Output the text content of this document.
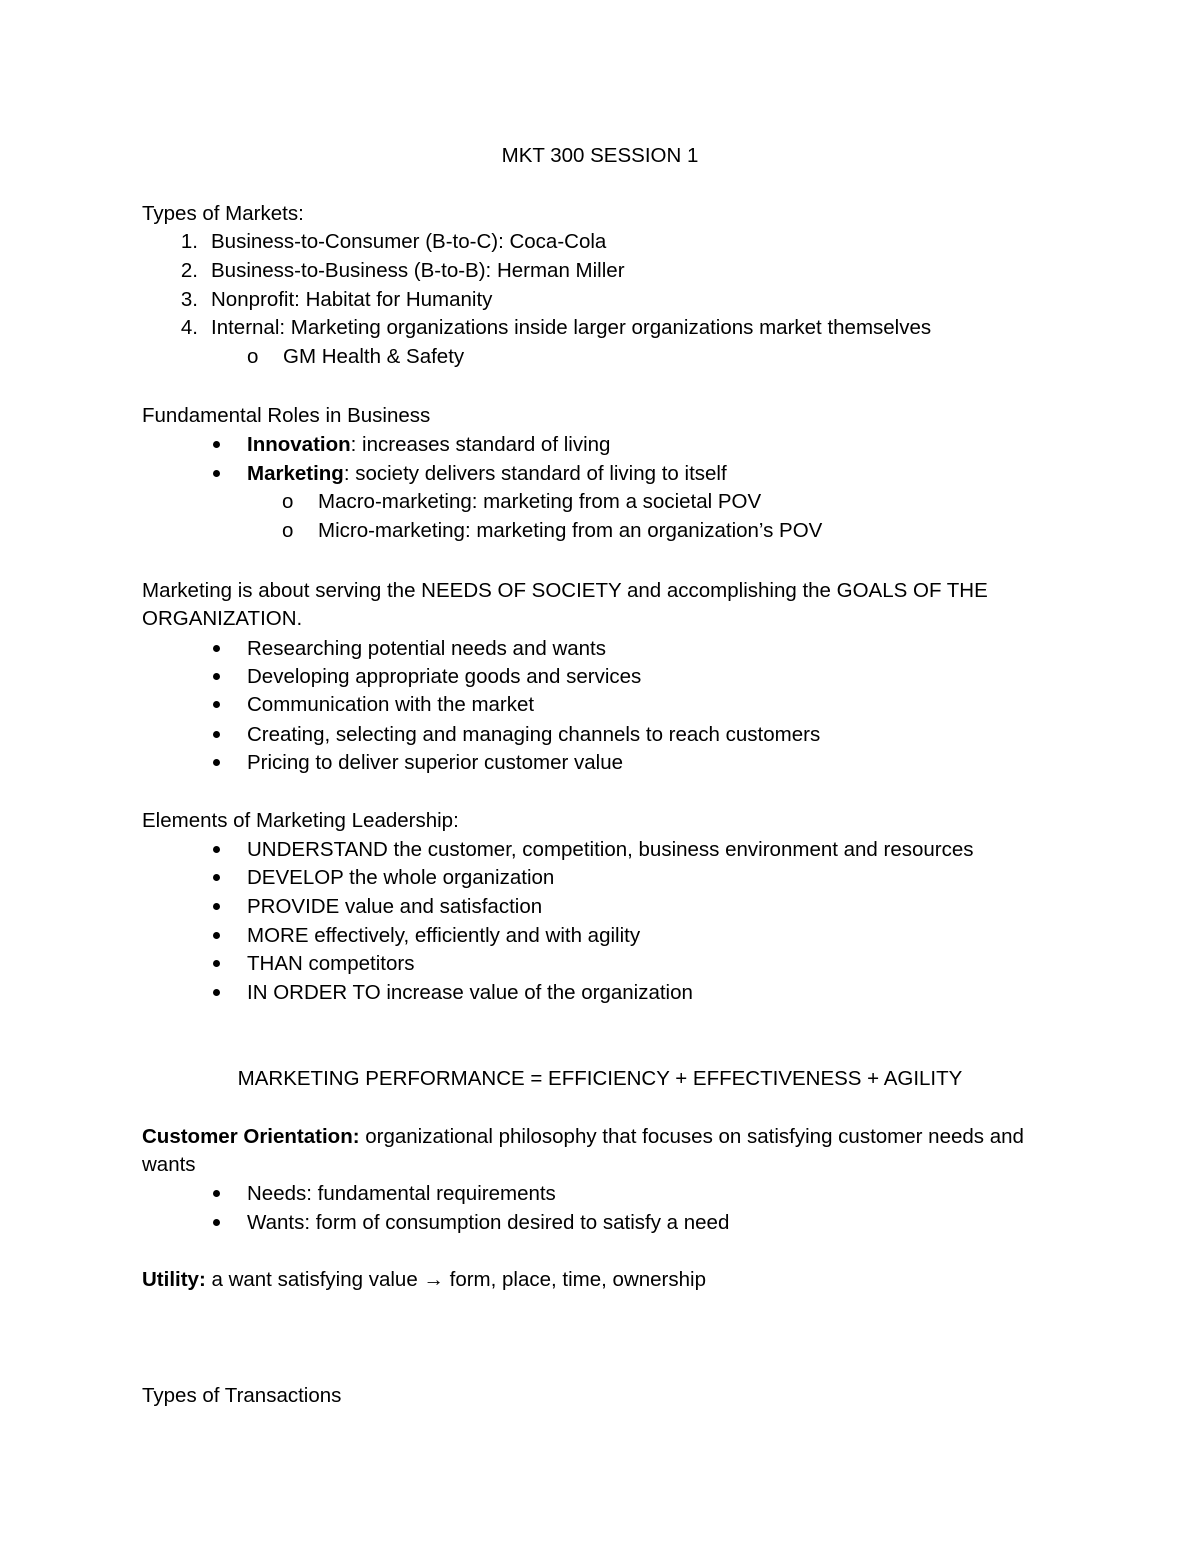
MKT 300 SESSION 1
Types of Markets:
1. Business-to-Consumer (B-to-C): Coca-Cola
2. Business-to-Business (B-to-B): Herman Miller
3. Nonprofit: Habitat for Humanity
4. Internal: Marketing organizations inside larger organizations market themselves
o GM Health & Safety
Fundamental Roles in Business
Innovation: increases standard of living
Marketing: society delivers standard of living to itself
o Macro-marketing: marketing from a societal POV
o Micro-marketing: marketing from an organization’s POV
Marketing is about serving the NEEDS OF SOCIETY and accomplishing the GOALS OF THE
ORGANIZATION.
Researching potential needs and wants
Developing appropriate goods and services
Communication with the market
Creating, selecting and managing channels to reach customers
Pricing to deliver superior customer value
Elements of Marketing Leadership:
UNDERSTAND the customer, competition, business environment and resources
DEVELOP the whole organization
PROVIDE value and satisfaction
MORE effectively, efficiently and with agility
THAN competitors
IN ORDER TO increase value of the organization
MARKETING PERFORMANCE = EFFICIENCY + EFFECTIVENESS + AGILITY
Customer Orientation: organizational philosophy that focuses on satisfying customer needs and
wants
Needs: fundamental requirements
Wants: form of consumption desired to satisfy a need
Utility: a want satisfying value → form, place, time, ownership
Types of Transactions
